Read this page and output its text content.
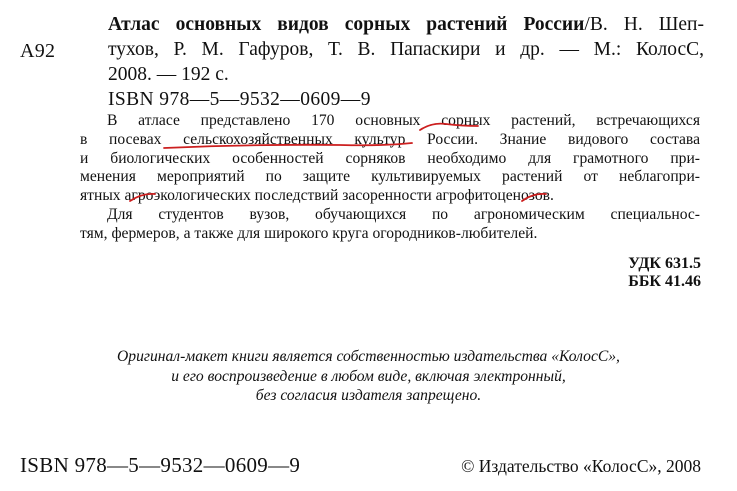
А92
Атлас основных видов сорных растений России/В. Н. Шеп-
тухов, Р. М. Гафуров, Т. В. Папаскири и др. — М.: КолосС,
2008. — 192 с.
ISBN 978—5—9532—0609—9
В атласе представлено 170 основных сорных растений, встречающихся
в посевах сельскохозяйственных культур России. Знание видового состава
и биологических особенностей сорняков необходимо для грамотного при-
менения мероприятий по защите культивируемых растений от неблагопри-
ятных агроэкологических последствий засоренности агрофитоценозов.
Для студентов вузов, обучающихся по агрономическим специальнос-
тям, фермеров, а также для широкого круга огородников-любителей.
УДК 631.5
ББК 41.46
Оригинал-макет книги является собственностью издательства «КолосС»,
и его воспроизведение в любом виде, включая электронный,
без согласия издателя запрещено.
ISBN 978—5—9532—0609—9	© Издательство «КолосС», 2008
